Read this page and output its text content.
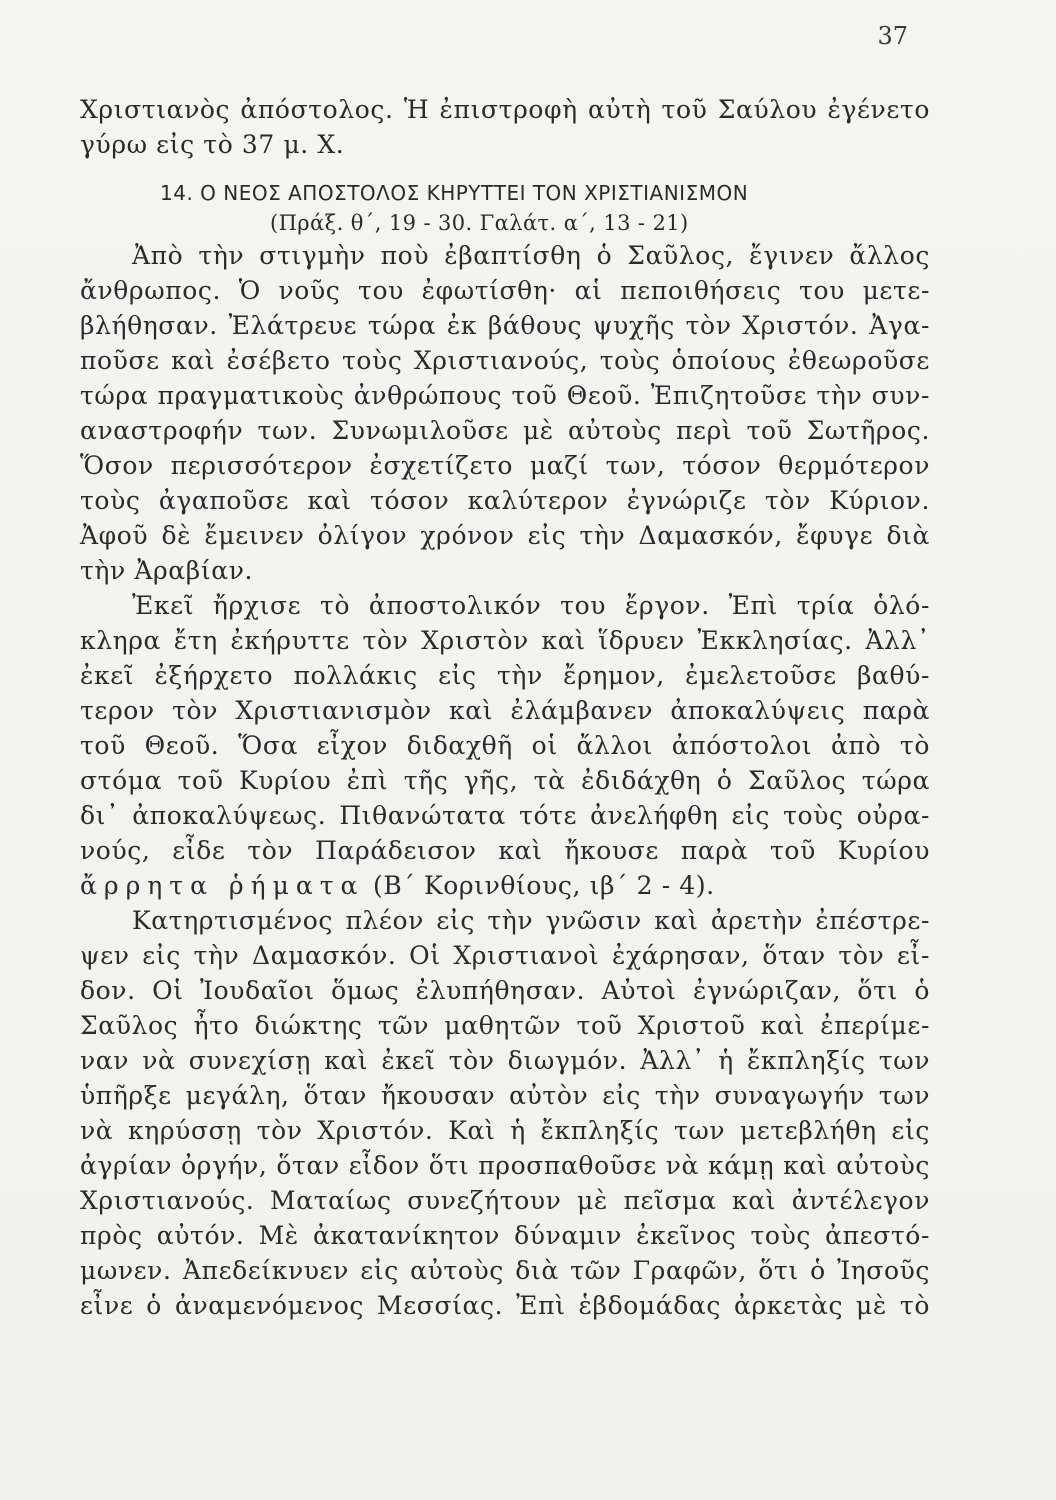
37
Χριστιανὸς ἀπόστολος. Ἡ ἐπιστροφὴ αὐτὴ τοῦ Σαύλου ἐγένετο
γύρω εἰς τὸ 37 μ. Χ.
14. Ο ΝΕΟΣ ΑΠΟΣΤΟΛΟΣ ΚΗΡΥΤΤΕΙ ΤΟΝ ΧΡΙΣΤΙΑΝΙΣΜΟΝ
(Πράξ. θ΄, 19 - 30. Γαλάτ. α΄, 13 - 21)
Ἀπὸ τὴν στιγμὴν ποὺ ἐβαπτίσθη ὁ Σαῦλος, ἔγινεν ἄλλος
ἄνθρωπος. Ὁ νοῦς του ἐφωτίσθη· αἱ πεποιθήσεις του μετε-
βλήθησαν. Ἐλάτρευε τώρα ἐκ βάθους ψυχῆς τὸν Χριστόν. Ἀγα-
ποῦσε καὶ ἐσέβετο τοὺς Χριστιανούς, τοὺς ὁποίους ἐθεωροῦσε
τώρα πραγματικοὺς ἀνθρώπους τοῦ Θεοῦ. Ἐπιζητοῦσε τὴν συν-
αναστροφήν των. Συνωμιλοῦσε μὲ αὐτοὺς περὶ τοῦ Σωτῆρος.
Ὅσον περισσότερον ἐσχετίζετο μαζί των, τόσον θερμότερον
τοὺς ἀγαποῦσε καὶ τόσον καλύτερον ἐγνώριζε τὸν Κύριον.
Ἀφοῦ δὲ ἔμεινεν ὀλίγον χρόνον εἰς τὴν Δαμασκόν, ἔφυγε διὰ
τὴν Ἀραβίαν.
Ἐκεῖ ἤρχισε τὸ ἀποστολικόν του ἔργον. Ἐπὶ τρία ὁλό-
κληρα ἔτη ἐκήρυττε τὸν Χριστὸν καὶ ἵδρυεν Ἐκκλησίας. Ἀλλ᾽
ἐκεῖ ἐξήρχετο πολλάκις εἰς τὴν ἔρημον, ἐμελετοῦσε βαθύ-
τερον τὸν Χριστιανισμὸν καὶ ἐλάμβανεν ἀποκαλύψεις παρὰ
τοῦ Θεοῦ. Ὅσα εἶχον διδαχθῆ οἱ ἄλλοι ἀπόστολοι ἀπὸ τὸ
στόμα τοῦ Κυρίου ἐπὶ τῆς γῆς, τὰ ἐδιδάχθη ὁ Σαῦλος τώρα
δι᾽ ἀποκαλύψεως. Πιθανώτατα τότε ἀνελήφθη εἰς τοὺς οὐρα-
νούς, εἶδε τὸν Παράδεισον καὶ ἤκουσε παρὰ τοῦ Κυρίου
ἄρρητα ῥήματα (Β΄ Κορινθίους, ιβ΄ 2 - 4).
Κατηρτισμένος πλέον εἰς τὴν γνῶσιν καὶ ἀρετὴν ἐπέστρε-
ψεν εἰς τὴν Δαμασκόν. Οἱ Χριστιανοὶ ἐχάρησαν, ὅταν τὸν εἶ-
δον. Οἱ Ἰουδαῖοι ὅμως ἐλυπήθησαν. Αὐτοὶ ἐγνώριζαν, ὅτι ὁ
Σαῦλος ἦτο διώκτης τῶν μαθητῶν τοῦ Χριστοῦ καὶ ἐπερίμε-
ναν νὰ συνεχίσῃ καὶ ἐκεῖ τὸν διωγμόν. Ἀλλ᾽ ἡ ἔκπληξίς των
ὑπῆρξε μεγάλη, ὅταν ἤκουσαν αὐτὸν εἰς τὴν συναγωγήν των
νὰ κηρύσσῃ τὸν Χριστόν. Καὶ ἡ ἔκπληξίς των μετεβλήθη εἰς
ἀγρίαν ὀργήν, ὅταν εἶδον ὅτι προσπαθοῦσε νὰ κάμῃ καὶ αὐτοὺς
Χριστιανούς. Ματαίως συνεζήτουν μὲ πεῖσμα καὶ ἀντέλεγον
πρὸς αὐτόν. Μὲ ἀκατανίκητον δύναμιν ἐκεῖνος τοὺς ἀπεστό-
μωνεν. Ἀπεδείκνυεν εἰς αὐτοὺς διὰ τῶν Γραφῶν, ὅτι ὁ Ἰησοῦς
εἶνε ὁ ἀναμενόμενος Μεσσίας. Ἐπὶ ἑβδομάδας ἀρκετὰς μὲ τὸ
